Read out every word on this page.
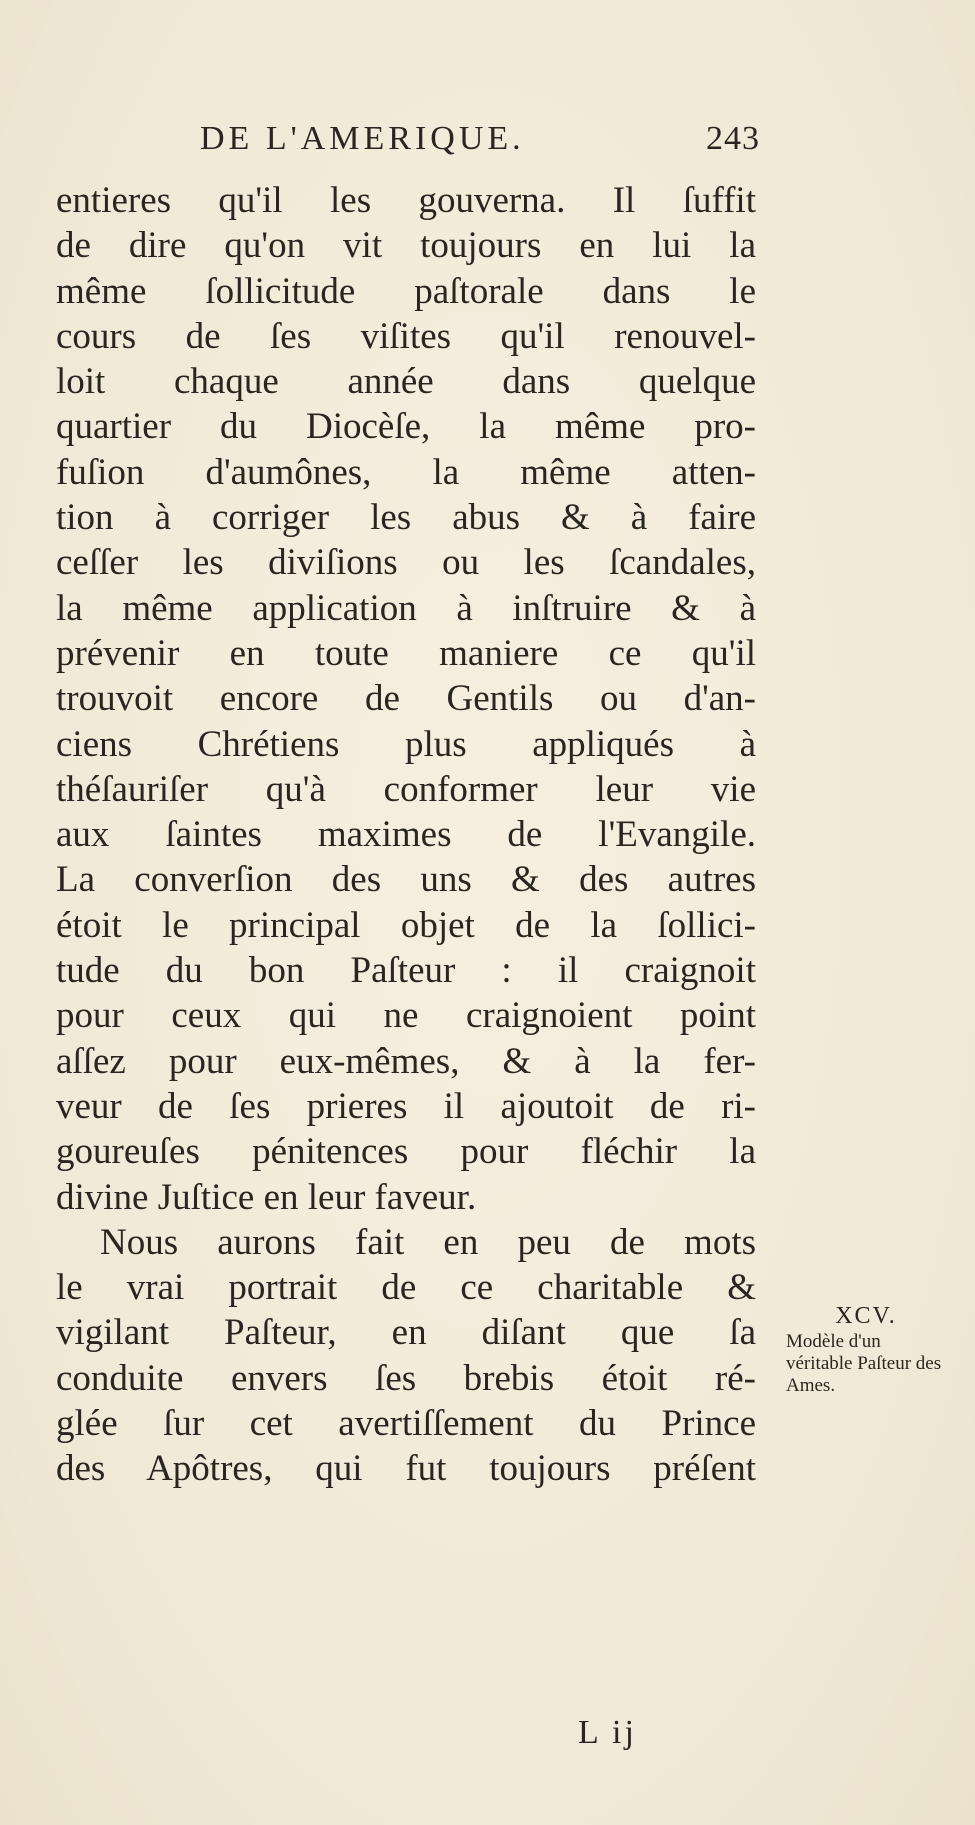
DE L'AMERIQUE.	243
entieres qu'il les gouverna. Il ſuffit
de dire qu'on vit toujours en lui la
même ſollicitude paſtorale dans le
cours de ſes viſites qu'il renouvel-
loit chaque année dans quelque
quartier du Diocèſe, la même pro-
fuſion d'aumônes, la même atten-
tion à corriger les abus & à faire
ceſſer les diviſions ou les ſcandales,
la même application à inſtruire & à
prévenir en toute maniere ce qu'il
trouvoit encore de Gentils ou d'an-
ciens Chrétiens plus appliqués à
théſauriſer qu'à conformer leur vie
aux ſaintes maximes de l'Evangile.
La converſion des uns & des autres
étoit le principal objet de la ſollici-
tude du bon Paſteur : il craignoit
pour ceux qui ne craignoient point
aſſez pour eux-mêmes, & à la fer-
veur de ſes prieres il ajoutoit de ri-
goureuſes pénitences pour fléchir la
divine Juſtice en leur faveur.
Nous aurons fait en peu de mots
le vrai portrait de ce charitable &
vigilant Paſteur, en diſant que ſa
conduite envers ſes brebis étoit ré-
glée ſur cet avertiſſement du Prince
des Apôtres, qui fut toujours préſent
XCV.
Modèle d'un véritable Paſteur des Ames.
L ij
